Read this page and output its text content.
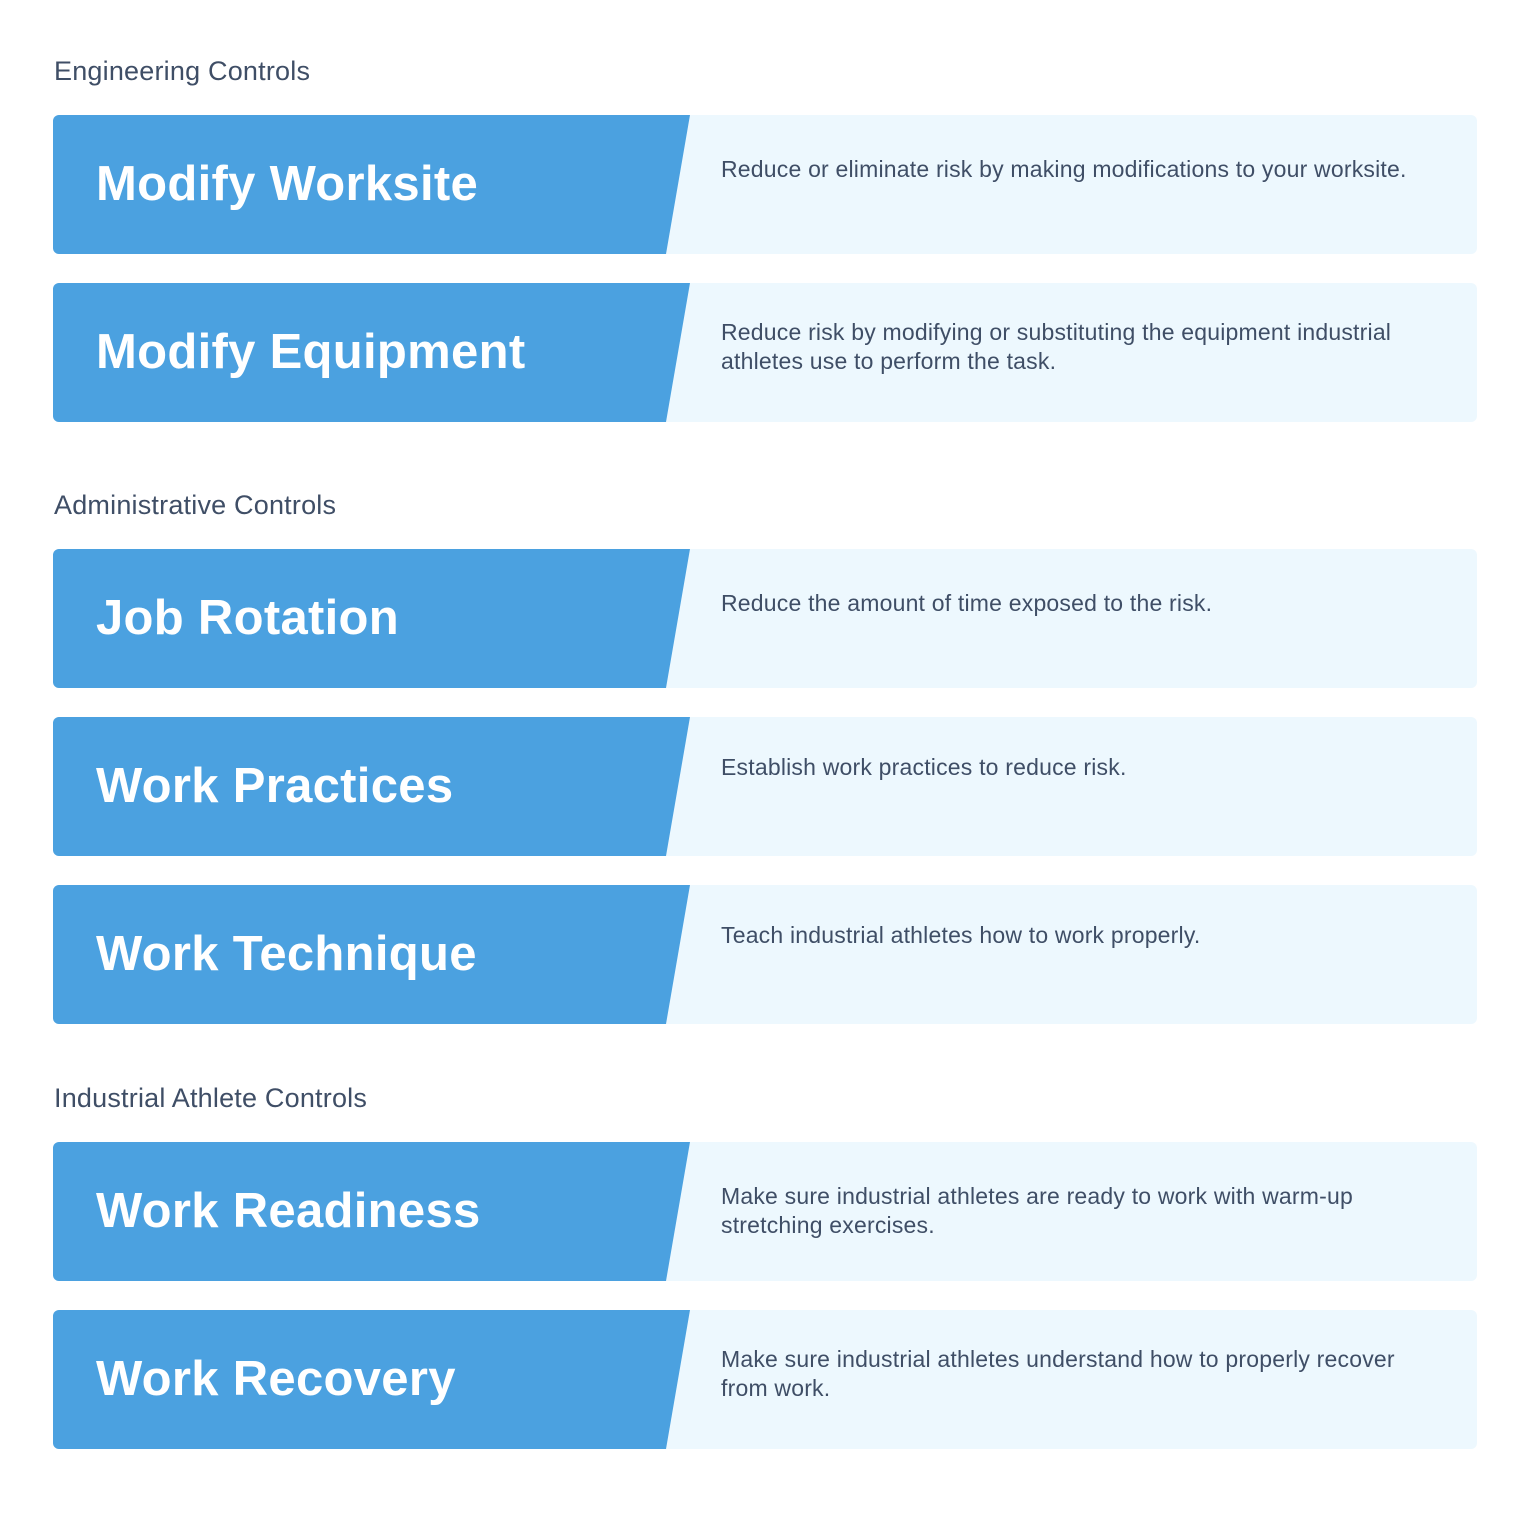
Engineering Controls
Modify Worksite	Reduce or eliminate risk by making modifications to your worksite.

Modify Equipment	Reduce risk by modifying or substituting the equipment industrial athletes use to perform the task.

Administrative Controls
Job Rotation	Reduce the amount of time exposed to the risk.

Work Practices	Establish work practices to reduce risk.

Work Technique	Teach industrial athletes how to work properly.

Industrial Athlete Controls
Work Readiness	Make sure industrial athletes are ready to work with warm-up stretching exercises.

Work Recovery	Make sure industrial athletes understand how to properly recover from work.
